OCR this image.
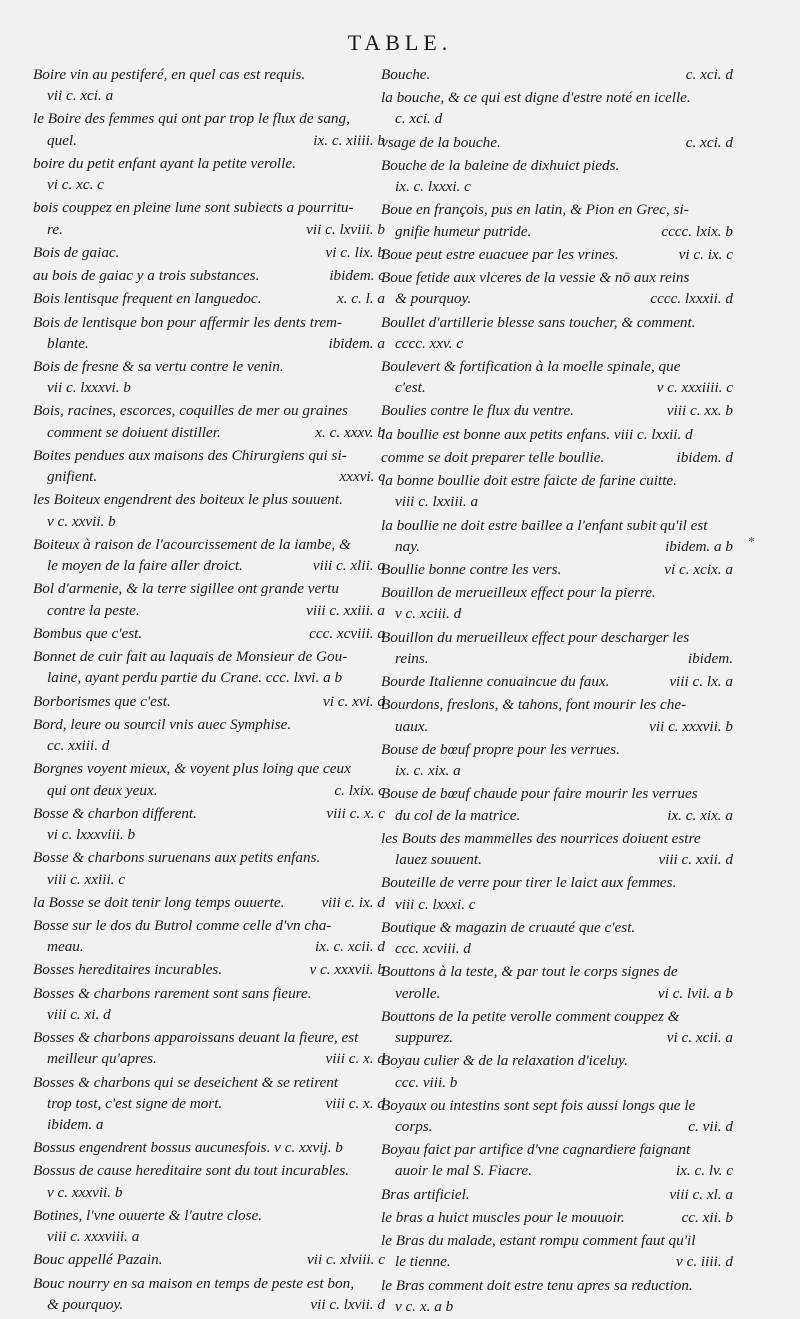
TABLE.
Boire vin au pestiferé, en quel cas est requis.
vii c. xci. a
le Boire des femmes qui ont par trop le flux de sang,
quel.	ix. c. xiiii. b
boire du petit enfant ayant la petite verolle.
vi c. xc. c
bois couppez en pleine lune sont subiects a pourritu-
re.	vii c. lxviii. b
Bois de gaiac.	vi c. lix. b
au bois de gaiac y a trois substances.	ibidem. c
Bois lentisque frequent en languedoc.	x. c. l. a
Bois de lentisque bon pour affermir les dents trem-
blante.	ibidem. a
Bois de fresne & sa vertu contre le venin.
vii c. lxxxvi. b
Bois, racines, escorces, coquilles de mer ou graines
comment se doiuent distiller.	x. c. xxxv. b
Boites pendues aux maisons des Chirurgiens qui si-
gnifient.	xxxvi. c
les Boiteux engendrent des boiteux le plus souuent.
v c. xxvii. b
Boiteux à raison de l'acourcissement de la iambe, &
le moyen de la faire aller droict.	viii c. xlii. a
Bol d'armenie, & la terre sigillee ont grande vertu
contre la peste.	viii c. xxiii. a
Bombus que c'est.	ccc. xcviii. a
Bonnet de cuir fait au laquais de Monsieur de Gou-
laine, ayant perdu partie du Crane. ccc. lxvi. a b
Borborismes que c'est.	vi c. xvi. d
Bord, leure ou sourcil vnis auec Symphise.
cc. xxiii. d
Borgnes voyent mieux, & voyent plus loing que ceux
qui ont deux yeux.	c. lxix. c
Bosse & charbon different.	viii c. x. c
vi c. lxxxviii. b
Bosse & charbons suruenans aux petits enfans.
viii c. xxiii. c
la Bosse se doit tenir long temps ouuerte.	viii c. ix. d
Bosse sur le dos du Butrol comme celle d'vn cha-
meau.	ix. c. xcii. d
Bosses hereditaires incurables.	v c. xxxvii. b
Bosses & charbons rarement sont sans fieure.
viii c. xi. d
Bosses & charbons apparoissans deuant la fieure, est
meilleur qu'apres.	viii c. x. d
Bosses & charbons qui se deseichent & se retirent
trop tost, c'est signe de mort.	viii c. x. d
ibidem. a
Bossus engendrent bossus aucunesfois. v c. xxvij. b
Bossus de cause hereditaire sont du tout incurables.
v c. xxxvii. b
Botines, l'vne ouuerte & l'autre close.
viii c. xxxviii. a
Bouc appellé Pazain.	vii c. xlviii. c
Bouc nourry en sa maison en temps de peste est bon,
& pourquoy.	vii c. lxvii. d
Bouche.	c. xci. d
la bouche, & ce qui est digne d'estre noté en icelle.
c. xci. d
vsage de la bouche.	c. xci. d
Bouche de la baleine de dixhuict pieds.
ix. c. lxxxi. c
Boue en françois, pus en latin, & Pion en Grec, si-
gnifie humeur putride.	cccc. lxix. b
Boue peut estre euacuee par les vrines.	vi c. ix. c
Boue fetide aux vlceres de la vessie & nō aux reins
& pourquoy.	cccc. lxxxii. d
Boullet d'artillerie blesse sans toucher, & comment.
cccc. xxv. c
Boulevert & fortification à la moelle spinale, que
c'est.	v c. xxxiiii. c
Boulies contre le flux du ventre.	viii c. xx. b
la boullie est bonne aux petits enfans. viii c. lxxii. d
comme se doit preparer telle boullie.	ibidem. d
la bonne boullie doit estre faicte de farine cuitte.
viii c. lxxiii. a
la boullie ne doit estre baillee a l'enfant subit qu'il est
nay.	ibidem. a b
Boullie bonne contre les vers.	vi c. xcix. a
Bouillon de merueilleux effect pour la pierre.
v c. xciii. d
Bouillon du merueilleux effect pour descharger les
reins.	ibidem.
Bourde Italienne conuaincue du faux.	viii c. lx. a
Bourdons, freslons, & tahons, font mourir les che-
uaux.	vii c. xxxvii. b
Bouse de bœuf propre pour les verrues.
ix. c. xix. a
Bouse de bœuf chaude pour faire mourir les verrues
du col de la matrice.	ix. c. xix. a
les Bouts des mammelles des nourrices doiuent estre
lauez souuent.	viii c. xxii. d
Bouteille de verre pour tirer le laict aux femmes.
viii c. lxxxi. c
Boutique & magazin de cruauté que c'est.
ccc. xcviii. d
Bouttons à la teste, & par tout le corps signes de
verolle.	vi c. lvii. a b
Bouttons de la petite verolle comment couppez &
suppurez.	vi c. xcii. a
Boyau culier & de la relaxation d'iceluy.
ccc. viii. b
Boyaux ou intestins sont sept fois aussi longs que le
corps.	c. vii. d
Boyau faict par artifice d'vne cagnardiere faignant
auoir le mal S. Fiacre.	ix. c. lv. c
Bras artificiel.	viii c. xl. a
le bras a huict muscles pour le mouuoir.	cc. xii. b
le Bras du malade, estant rompu comment faut qu'il
le tienne.	v c. iiii. d
le Bras comment doit estre tenu apres sa reduction.
v c. x. a b
*
